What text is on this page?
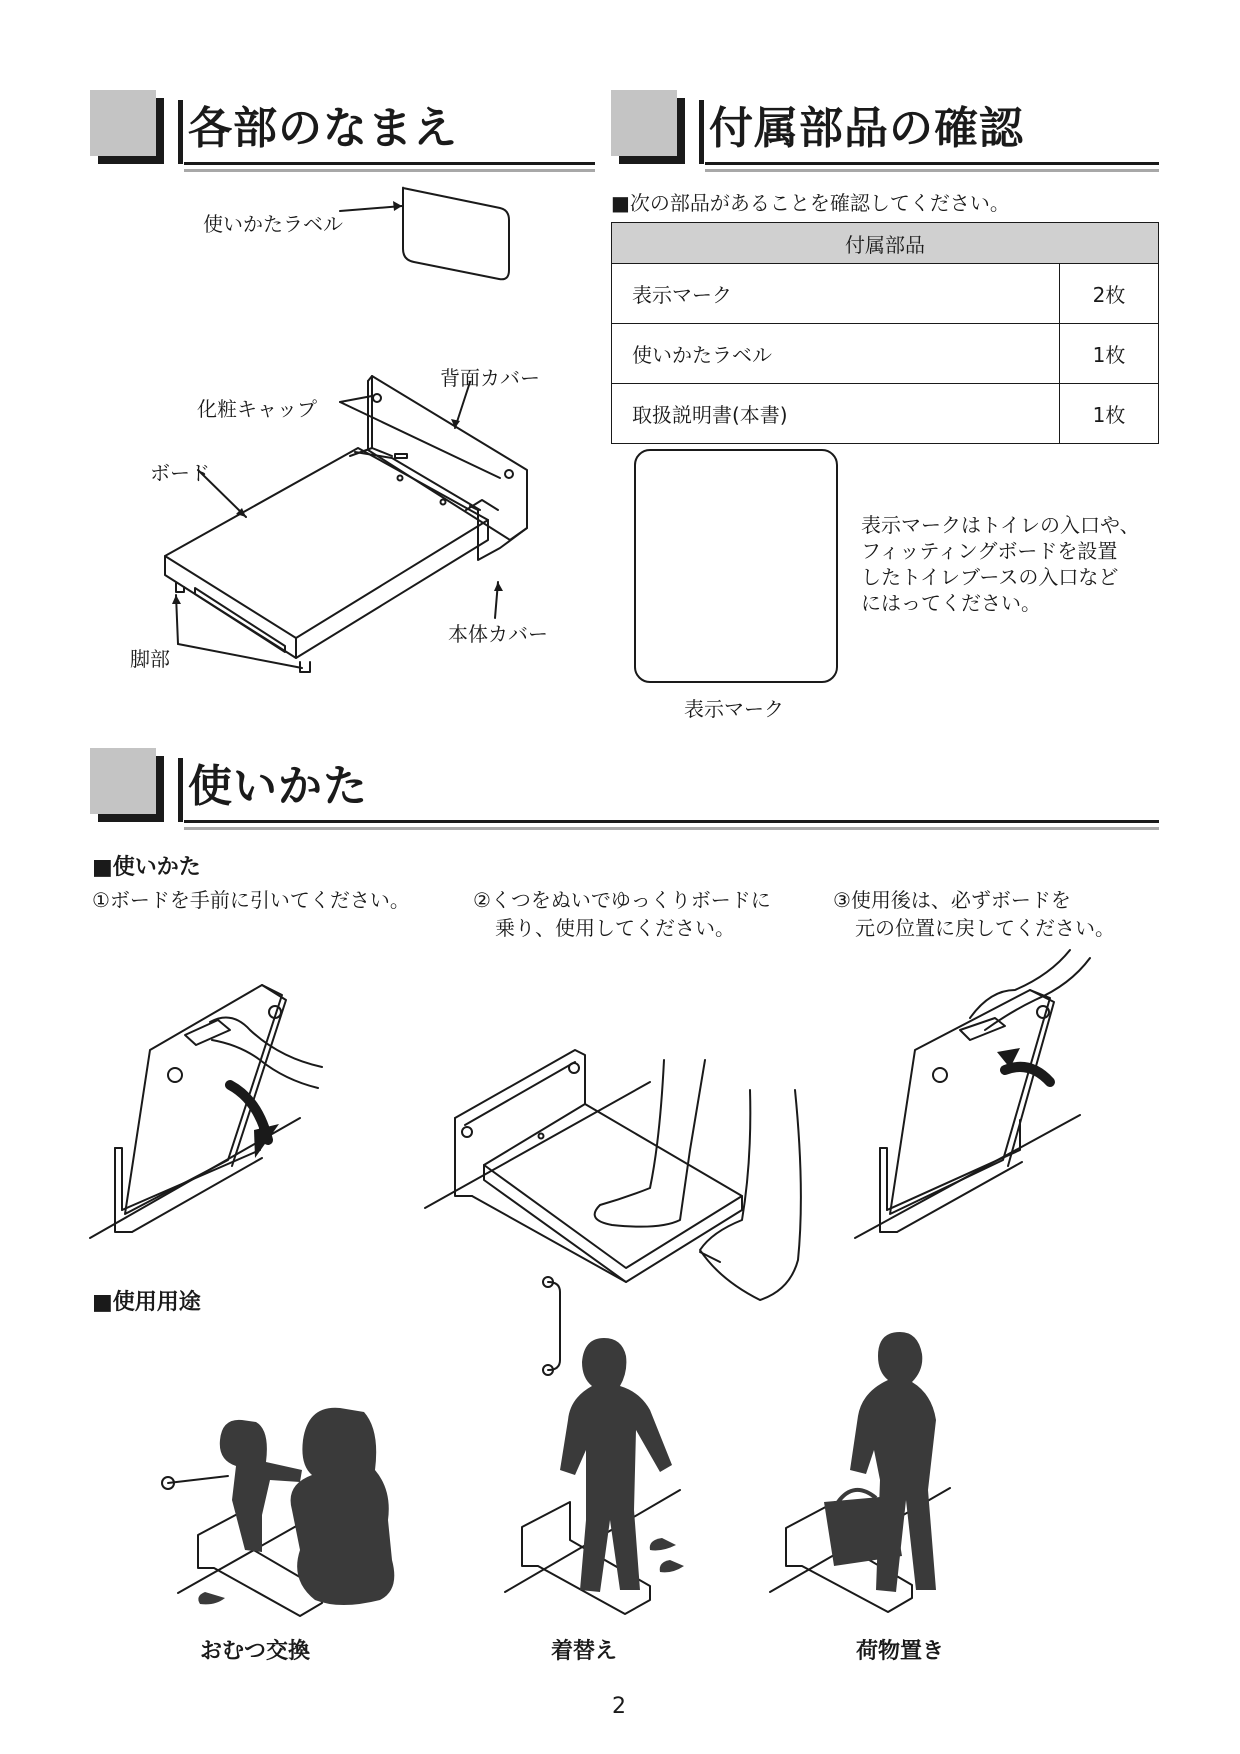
各部のなまえ	付属部品の確認
使いかたラベル
背面カバー
化粧キャップ
ボード
本体カバー
脚部
■次の部品があることを確認してください。
付属部品	
表示マーク	2枚
使いかたラベル	1枚
取扱説明書(本書)	1枚
表示マーク
表示マークはトイレの入口や、
フィッティングボードを設置
したトイレブースの入口など
にはってください。
使いかた
■使いかた
①ボードを手前に引いてください。	②くつをぬいでゆっくりボードに
乗り、使用してください。
③使用後は、必ずボードを
元の位置に戻してください。
■使用用途
おむつ交換	着替え	荷物置き
2
